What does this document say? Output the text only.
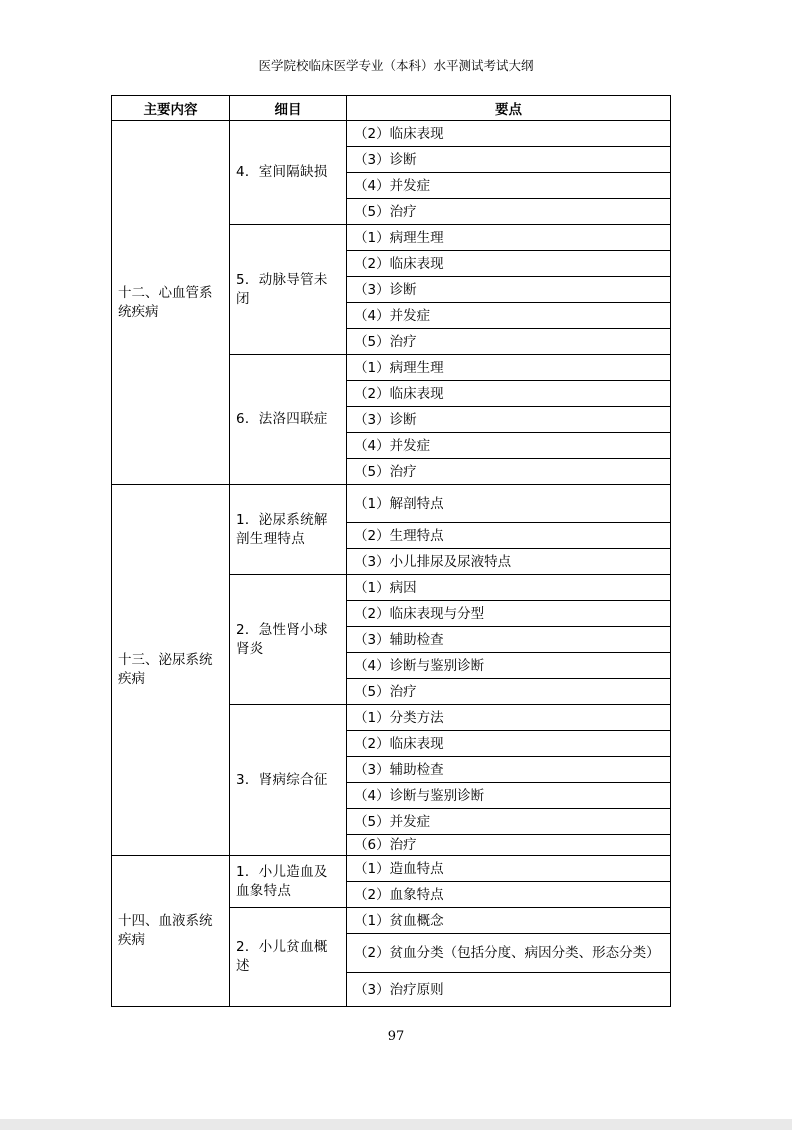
医学院校临床医学专业（本科）水平测试考试大纲
主要内容	细目	要点
十二、心血管系统疾病	4．室间隔缺损	（2）临床表现
		（3）诊断
		（4）并发症
		（5）治疗
	5．动脉导管未闭	（1）病理生理
		（2）临床表现
		（3）诊断
		（4）并发症
		（5）治疗
	6．法洛四联症	（1）病理生理
		（2）临床表现
		（3）诊断
		（4）并发症
		（5）治疗
十三、泌尿系统疾病	1．泌尿系统解剖生理特点	（1）解剖特点
		（2）生理特点
		（3）小儿排尿及尿液特点
	2．急性肾小球肾炎	（1）病因
		（2）临床表现与分型
		（3）辅助检查
		（4）诊断与鉴别诊断
		（5）治疗
	3．肾病综合征	（1）分类方法
		（2）临床表现
		（3）辅助检查
		（4）诊断与鉴别诊断
		（5）并发症
		（6）治疗
十四、血液系统疾病	1．小儿造血及血象特点	（1）造血特点
		（2）血象特点
	2．小儿贫血概述	（1）贫血概念
		（2）贫血分类（包括分度、病因分类、形态分类）
		（3）治疗原则
97
